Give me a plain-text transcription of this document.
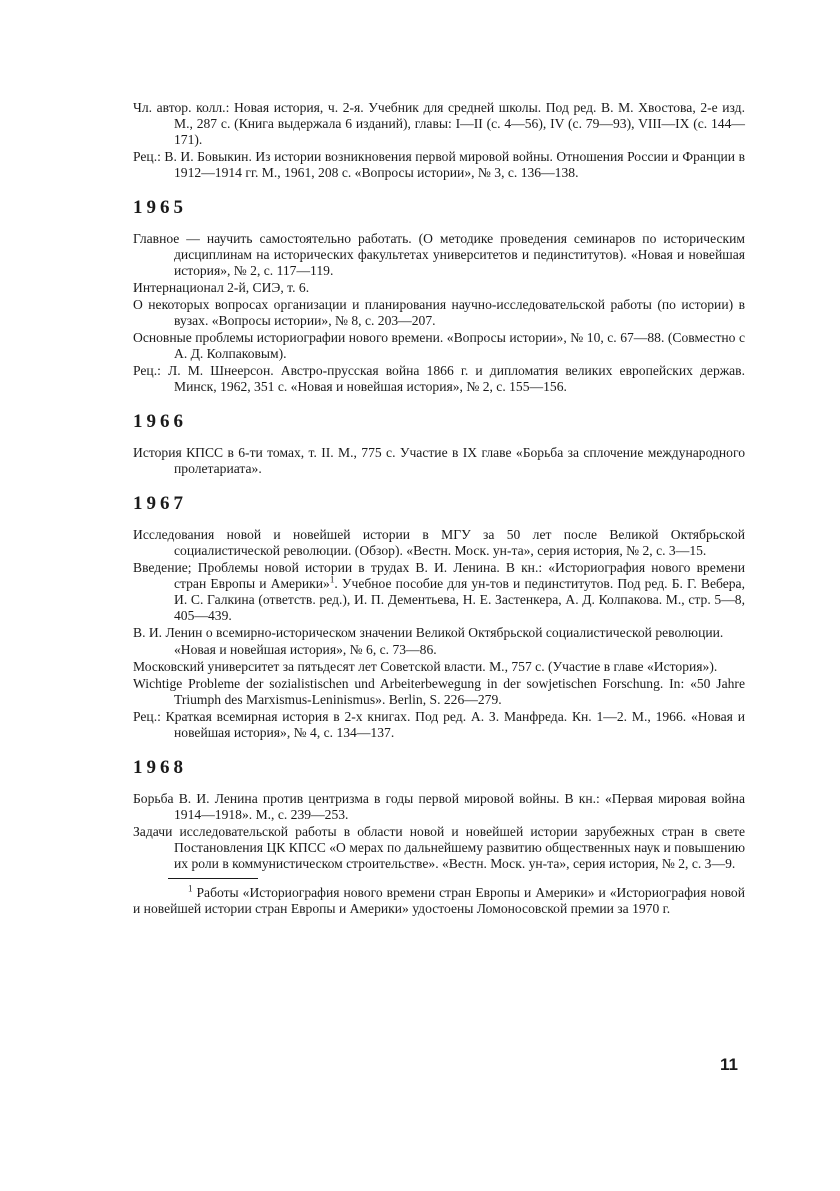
Чл. автор. колл.: Новая история, ч. 2-я. Учебник для средней школы. Под ред. В. М. Хвостова, 2-е изд. М., 287 с. (Книга выдержала 6 изданий), главы: I—II (с. 4—56), IV (с. 79—93), VIII—IX (с. 144—171).

Рец.: В. И. Бовыкин. Из истории возникновения первой мировой войны. Отношения России и Франции в 1912—1914 гг. М., 1961, 208 с. «Вопросы истории», № 3, с. 136—138.

1965

Главное — научить самостоятельно работать. (О методике проведения семинаров по историческим дисциплинам на исторических факультетах университетов и пединститутов). «Новая и новейшая история», № 2, с. 117—119.

Интернационал 2-й, СИЭ, т. 6.

О некоторых вопросах организации и планирования научно-исследовательской работы (по истории) в вузах. «Вопросы истории», № 8, с. 203—207.

Основные проблемы историографии нового времени. «Вопросы истории», № 10, с. 67—88. (Совместно с А. Д. Колпаковым).

Рец.: Л. М. Шнеерсон. Австро-прусская война 1866 г. и дипломатия великих европейских держав. Минск, 1962, 351 с. «Новая и новейшая история», № 2, с. 155—156.

1966

История КПСС в 6-ти томах, т. II. М., 775 с. Участие в IX главе «Борьба за сплочение международного пролетариата».

1967

Исследования новой и новейшей истории в МГУ за 50 лет после Великой Октябрьской социалистической революции. (Обзор). «Вестн. Моск. ун-та», серия история, № 2, с. 3—15.

Введение; Проблемы новой истории в трудах В. И. Ленина. В кн.: «Историография нового времени стран Европы и Америки»$^1$. Учебное пособие для ун-тов и пединститутов. Под ред. Б. Г. Вебера, И. С. Галкина (ответств. ред.), И. П. Дементьева, Н. Е. Застенкера, А. Д. Колпакова. М., стр. 5—8, 405—439.

В. И. Ленин о всемирно-историческом значении Великой Октябрьской социалистической революции.

«Новая и новейшая история», № 6, с. 73—86.

Московский университет за пятьдесят лет Советской власти. М., 757 с. (Участие в главе «История»).

Wichtige Probleme der sozialistischen und Arbeiterbewegung in der sowjetischen Forschung. In: «50 Jahre Triumph des Marxismus-Leninismus». Berlin, S. 226—279.

Рец.: Краткая всемирная история в 2-х книгах. Под ред. А. З. Манфреда. Кн. 1—2. М., 1966. «Новая и новейшая история», № 4, с. 134—137.

1968

Борьба В. И. Ленина против центризма в годы первой мировой войны. В кн.: «Первая мировая война 1914—1918». М., с. 239—253.

Задачи исследовательской работы в области новой и новейшей истории зарубежных стран в свете Постановления ЦК КПСС «О мерах по дальнейшему развитию общественных наук и повышению их роли в коммунистическом строительстве». «Вестн. Моск. ун-та», серия история, № 2, с. 3—9.

$^1$ Работы «Историография нового времени стран Европы и Америки» и «Историография новой и новейшей истории стран Европы и Америки» удостоены Ломоносовской премии за 1970 г.

11
